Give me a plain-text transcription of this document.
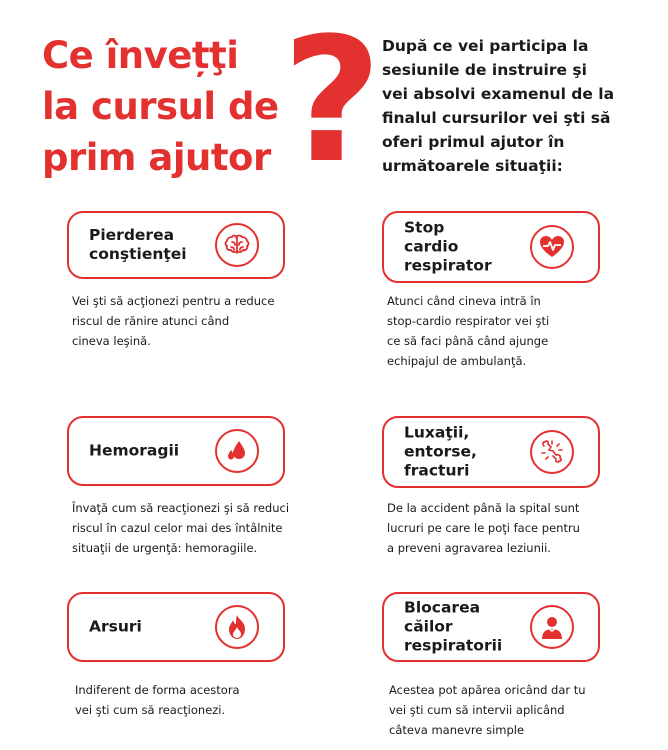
Ce învețţi
la cursul de
prim ajutor ? După ce vei participa la
sesiunile de instruire şi
vei absolvi examenul de la
finalul cursurilor vei şti să
oferi primul ajutor în
următoarele situaţii:
Pierderea
conştienţei
Vei şti să acţionezi pentru a reduce
riscul de rănire atunci când
cineva leşină.
Stop
cardio
respirator
Atunci când cineva intră în
stop-cardio respirator vei şti
ce să faci până când ajunge
echipajul de ambulanţă.
Hemoragii
Învaţă cum să reacţionezi şi să reduci
riscul în cazul celor mai des întâlnite
situaţii de urgenţă: hemoragiile.
Luxaţii,
entorse,
fracturi
De la accident până la spital sunt
lucruri pe care le poţi face pentru
a preveni agravarea leziunii.
Arsuri
Indiferent de forma acestora
vei şti cum să reacţionezi.
Blocarea
căilor
respiratorii
Acestea pot apărea oricând dar tu
vei şti cum să intervii aplicând
câteva manevre simple
